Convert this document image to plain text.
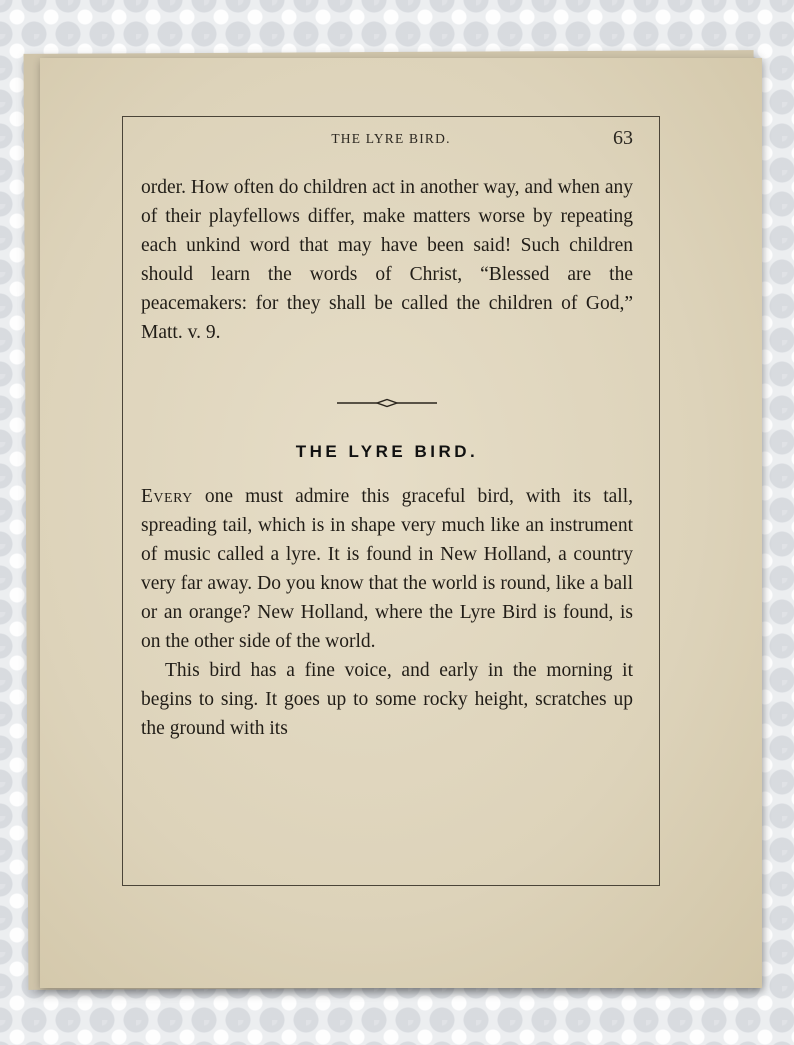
THE LYRE BIRD.	63

order. How often do children act in another way, and when any of their playfellows differ, make matters worse by repeating each unkind word that may have been said! Such children should learn the words of Christ, “Blessed are the peacemakers: for they shall be called the children of God,” Matt. v. 9.

THE LYRE BIRD.

Every one must admire this graceful bird, with its tall, spreading tail, which is in shape very much like an instrument of music called a lyre. It is found in New Holland, a country very far away. Do you know that the world is round, like a ball or an orange? New Holland, where the Lyre Bird is found, is on the other side of the world.

This bird has a fine voice, and early in the morning it begins to sing. It goes up to some rocky height, scratches up the ground with its
